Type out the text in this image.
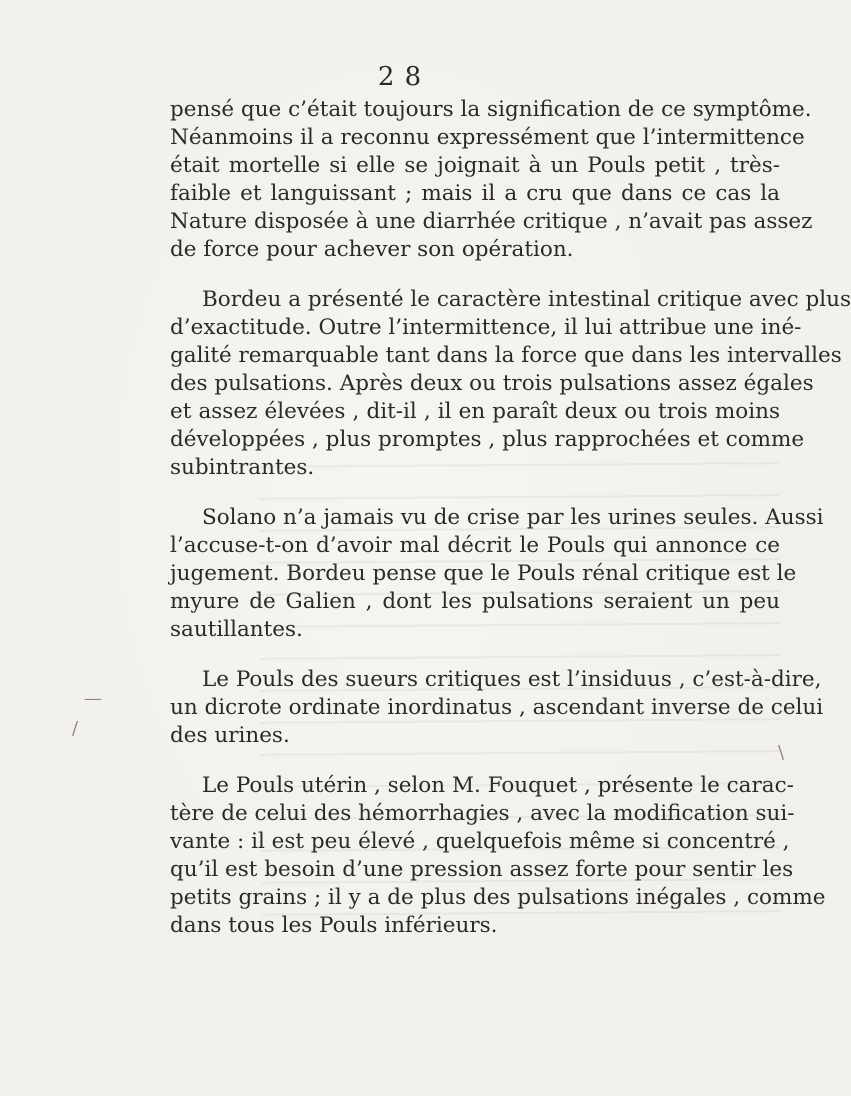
2 8
pensé que c’était toujours la signification de ce symptôme.
Néanmoins il a reconnu expressément que l’intermittence
était mortelle si elle se joignait à un Pouls petit , très-
faible et languissant ; mais il a cru que dans ce cas la
Nature disposée à une diarrhée critique , n’avait pas assez
de force pour achever son opération.
Bordeu a présenté le caractère intestinal critique avec plus
d’exactitude. Outre l’intermittence, il lui attribue une iné-
galité remarquable tant dans la force que dans les intervalles
des pulsations. Après deux ou trois pulsations assez égales
et assez élevées , dit-il , il en paraît deux ou trois moins
développées , plus promptes , plus rapprochées et comme
subintrantes.
Solano n’a jamais vu de crise par les urines seules. Aussi
l’accuse-t-on d’avoir mal décrit le Pouls qui annonce ce
jugement. Bordeu pense que le Pouls rénal critique est le
myure de Galien , dont les pulsations seraient un peu
sautillantes.
Le Pouls des sueurs critiques est l’insiduus , c’est-à-dire,
un dicrote ordinate inordinatus , ascendant inverse de celui
des urines.
Le Pouls utérin , selon M. Fouquet , présente le carac-
tère de celui des hémorrhagies , avec la modification sui-
vante : il est peu élevé , quelquefois même si concentré ,
qu’il est besoin d’une pression assez forte pour sentir les
petits grains ; il y a de plus des pulsations inégales , comme
dans tous les Pouls inférieurs.
—
/
\
